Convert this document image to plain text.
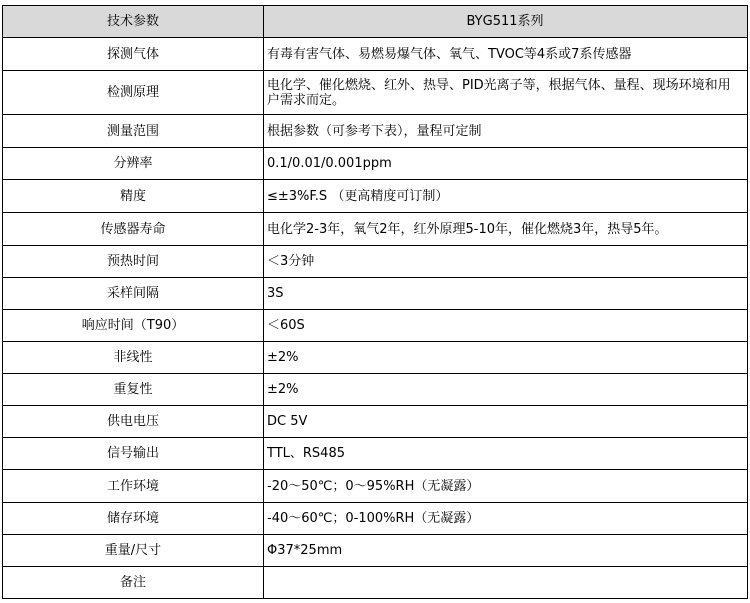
技术参数	BYG511系列
探测气体	有毒有害气体、易燃易爆气体、氧气、TVOC等4系或7系传感器
检测原理	电化学、催化燃烧、红外、热导、PID光离子等，根据气体、量程、现场环境和用户需求而定。
测量范围	根据参数（可参考下表），量程可定制
分辨率	0.1/0.01/0.001ppm
精度	≤±3%F.S （更高精度可订制）
传感器寿命	电化学2-3年，氧气2年，红外原理5-10年，催化燃烧3年，热导5年。
预热时间	＜3分钟
采样间隔	3S
响应时间（T90）	＜60S
非线性	±2%
重复性	±2%
供电电压	DC 5V
信号输出	TTL、RS485
工作环境	-20～50℃；0～95%RH（无凝露）
储存环境	-40～60℃；0-100%RH（无凝露）
重量/尺寸	Φ37*25mm
备注	
